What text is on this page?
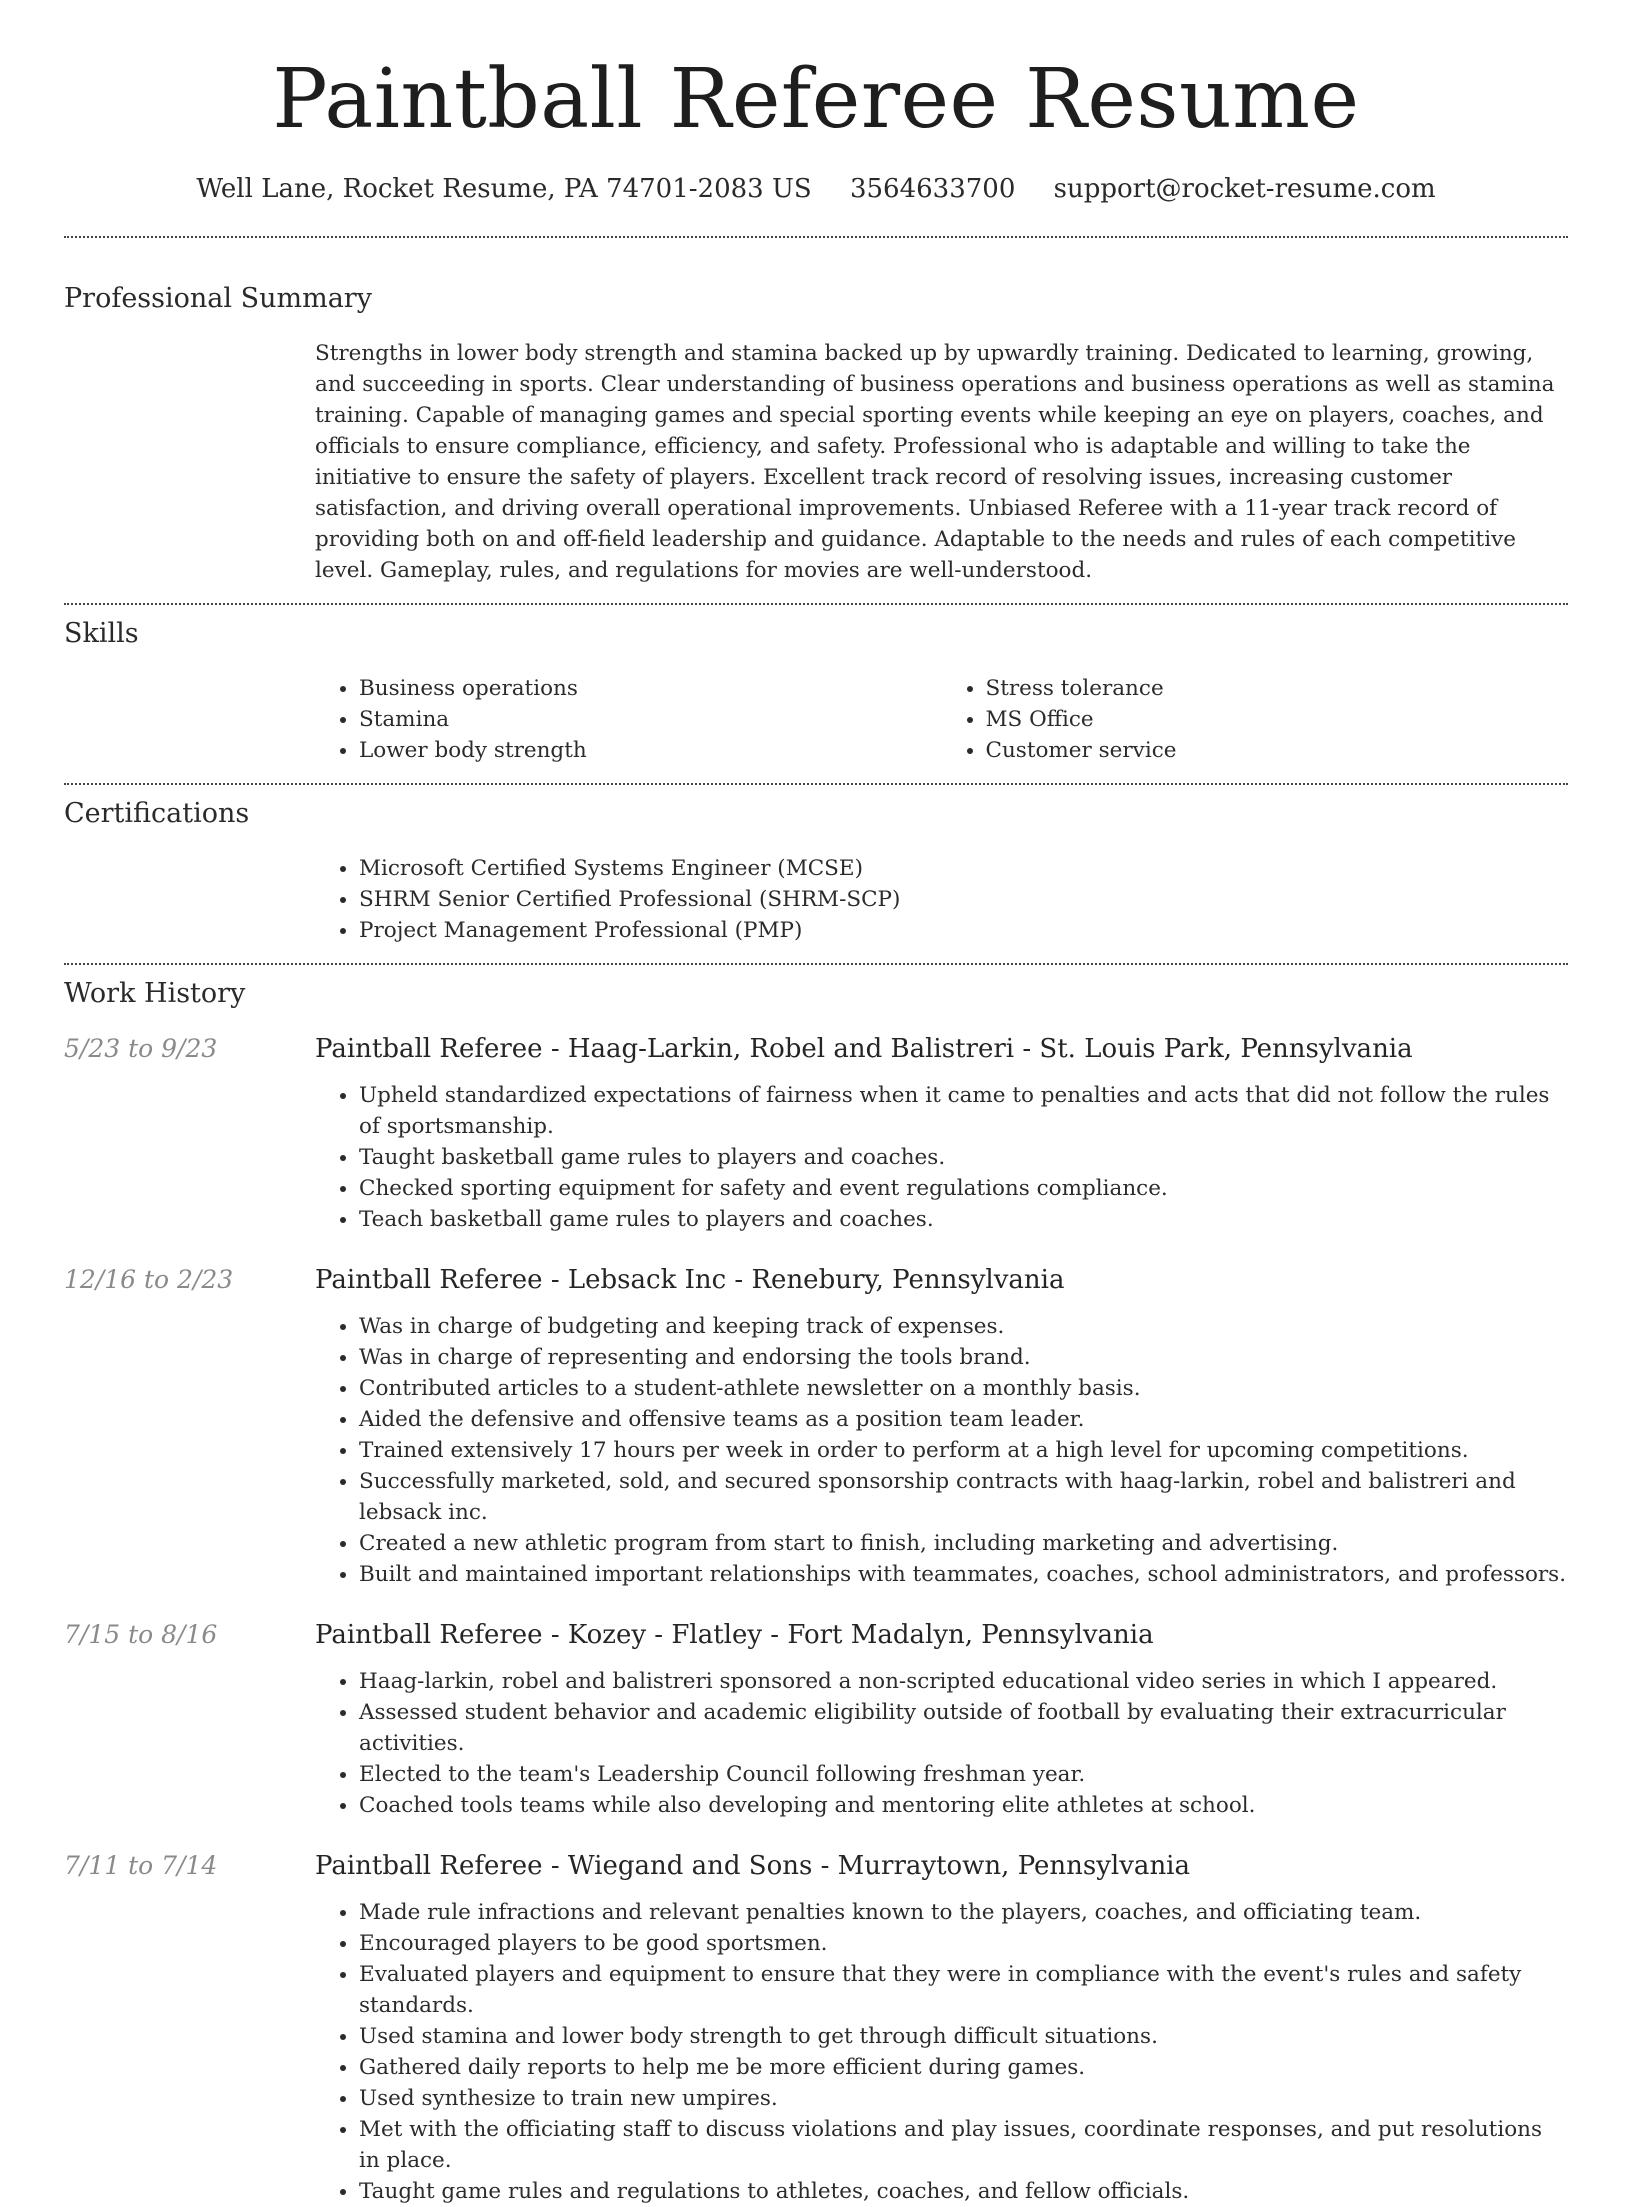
Paintball Referee Resume
Well Lane, Rocket Resume, PA 74701-2083 US 3564633700 support@rocket-resume.com
Professional Summary
Strengths in lower body strength and stamina backed up by upwardly training. Dedicated to learning, growing, and succeeding in sports. Clear understanding of business operations and business operations as well as stamina training. Capable of managing games and special sporting events while keeping an eye on players, coaches, and officials to ensure compliance, efficiency, and safety. Professional who is adaptable and willing to take the initiative to ensure the safety of players. Excellent track record of resolving issues, increasing customer satisfaction, and driving overall operational improvements. Unbiased Referee with a 11-year track record of providing both on and off-field leadership and guidance. Adaptable to the needs and rules of each competitive level. Gameplay, rules, and regulations for movies are well-understood.
Skills
• Business operations
• Stamina
• Lower body strength
• Stress tolerance
• MS Office
• Customer service
Certifications
• Microsoft Certified Systems Engineer (MCSE)
• SHRM Senior Certified Professional (SHRM-SCP)
• Project Management Professional (PMP)
Work History
5/23 to 9/23	Paintball Referee - Haag-Larkin, Robel and Balistreri - St. Louis Park, Pennsylvania
• Upheld standardized expectations of fairness when it came to penalties and acts that did not follow the rules of sportsmanship.
• Taught basketball game rules to players and coaches.
• Checked sporting equipment for safety and event regulations compliance.
• Teach basketball game rules to players and coaches.
12/16 to 2/23	Paintball Referee - Lebsack Inc - Renebury, Pennsylvania
• Was in charge of budgeting and keeping track of expenses.
• Was in charge of representing and endorsing the tools brand.
• Contributed articles to a student-athlete newsletter on a monthly basis.
• Aided the defensive and offensive teams as a position team leader.
• Trained extensively 17 hours per week in order to perform at a high level for upcoming competitions.
• Successfully marketed, sold, and secured sponsorship contracts with haag-larkin, robel and balistreri and lebsack inc.
• Created a new athletic program from start to finish, including marketing and advertising.
• Built and maintained important relationships with teammates, coaches, school administrators, and professors.
7/15 to 8/16	Paintball Referee - Kozey - Flatley - Fort Madalyn, Pennsylvania
• Haag-larkin, robel and balistreri sponsored a non-scripted educational video series in which I appeared.
• Assessed student behavior and academic eligibility outside of football by evaluating their extracurricular activities.
• Elected to the team's Leadership Council following freshman year.
• Coached tools teams while also developing and mentoring elite athletes at school.
7/11 to 7/14	Paintball Referee - Wiegand and Sons - Murraytown, Pennsylvania
• Made rule infractions and relevant penalties known to the players, coaches, and officiating team.
• Encouraged players to be good sportsmen.
• Evaluated players and equipment to ensure that they were in compliance with the event's rules and safety standards.
• Used stamina and lower body strength to get through difficult situations.
• Gathered daily reports to help me be more efficient during games.
• Used synthesize to train new umpires.
• Met with the officiating staff to discuss violations and play issues, coordinate responses, and put resolutions in place.
• Taught game rules and regulations to athletes, coaches, and fellow officials.
